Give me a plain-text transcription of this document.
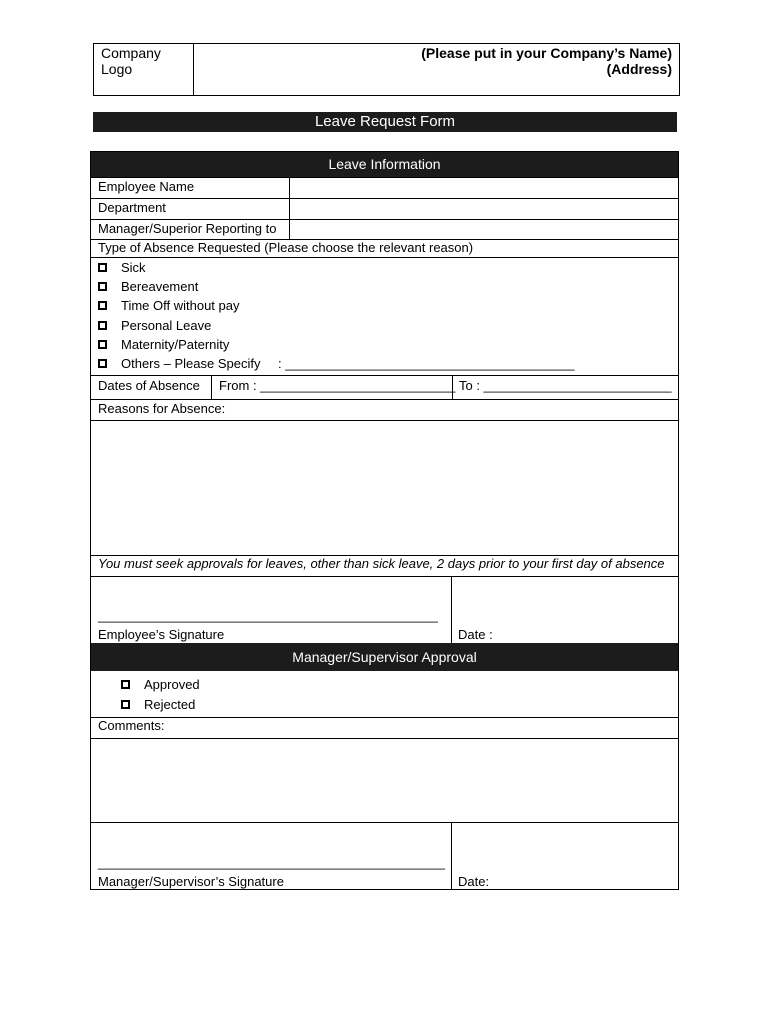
Company
Logo
(Please put in your Company’s Name)
(Address)
Leave Request Form
Leave Information
Employee Name
Department
Manager/Superior Reporting to
Type of Absence Requested (Please choose the relevant reason)
Sick
Bereavement
Time Off without pay
Personal Leave
Maternity/Paternity
Others – Please Specify : ________________________________________
Dates of Absence From : ___________________________ To : __________________________
Reasons for Absence:
You must seek approvals for leaves, other than sick leave, 2 days prior to your first day of absence
_______________________________________________
Employee’s Signature	Date :
Manager/Supervisor Approval
Approved
Rejected
Comments:
________________________________________________
Manager/Supervisor’s Signature	Date:
